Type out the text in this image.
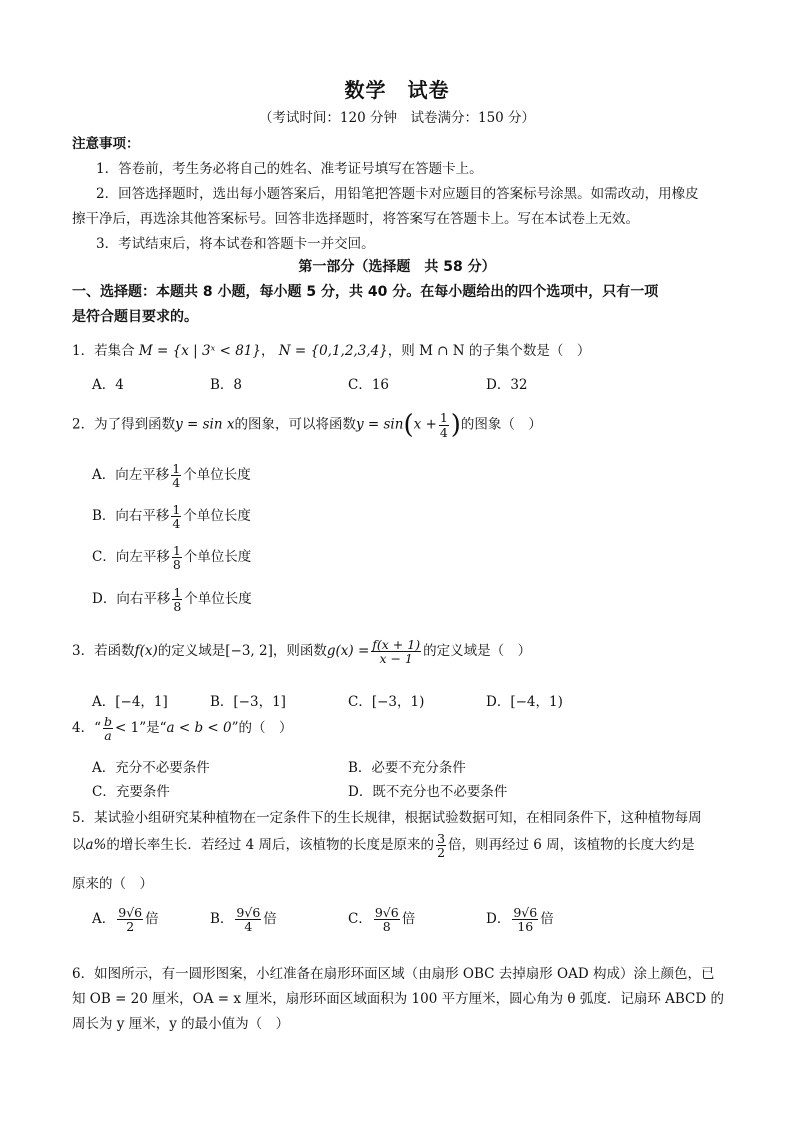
数学　试卷
（考试时间：120 分钟　试卷满分：150 分）
注意事项：
1．答卷前，考生务必将自己的姓名、准考证号填写在答题卡上。
2．回答选择题时，选出每小题答案后，用铅笔把答题卡对应题目的答案标号涂黑。如需改动，用橡皮
擦干净后，再选涂其他答案标号。回答非选择题时，将答案写在答题卡上。写在本试卷上无效。
3．考试结束后，将本试卷和答题卡一并交回。
第一部分（选择题　共 58 分）
一、选择题：本题共 8 小题，每小题 5 分，共 40 分。在每小题给出的四个选项中，只有一项
是符合题目要求的。
1．若集合 M = {x | 3ˣ < 81}， N = {0,1,2,3,4}，则 M ∩ N 的子集个数是（　）
A．4	B．8	C．16	D．32
2．为了得到函数y = sin x的图象，可以将函数$y = \sin(x + \frac{1}{4}$ )的图象（　）
A．向左平移 $\frac{1}{4}$ 个单位长度
B．向右平移 $\frac{1}{4}$ 个单位长度
C．向左平移 $\frac{1}{8}$ 个单位长度
D．向右平移 $\frac{1}{8}$ 个单位长度
3．若函数f(x)的定义域是[−3, 2]，则函数$g(x) = \frac{f(x + 1)}{x - 1}$ 的定义域是（　）
A．[−4，1]	B．[−3，1]	C．[−3，1)	D．[−4，1)
4．“ $\frac{b}{a} < 1$”是“a < b < 0”的（　）
A．充分不必要条件	B．必要不充分条件
C．充要条件	D．既不充分也不必要条件
5．某试验小组研究某种植物在一定条件下的生长规律，根据试验数据可知，在相同条件下，这种植物每周
以a%的增长率生长．若经过 4 周后，该植物的长度是原来的 $\frac{3}{2}$ 倍，则再经过 6 周，该植物的长度大约是
原来的（　）
A． $\frac{9√6}{2}$ 倍	B． $\frac{9√6}{4}$ 倍	C． $\frac{9√6}{8}$ 倍	D． $\frac{9√6}{16}$ 倍
6．如图所示，有一圆形图案，小红准备在扇形环面区域（由扇形 OBC 去掉扇形 OAD 构成）涂上颜色，已
知 OB = 20 厘米，OA = x 厘米，扇形环面区域面积为 100 平方厘米，圆心角为 θ 弧度．记扇环 ABCD 的
周长为 y 厘米，y 的最小值为（　）
